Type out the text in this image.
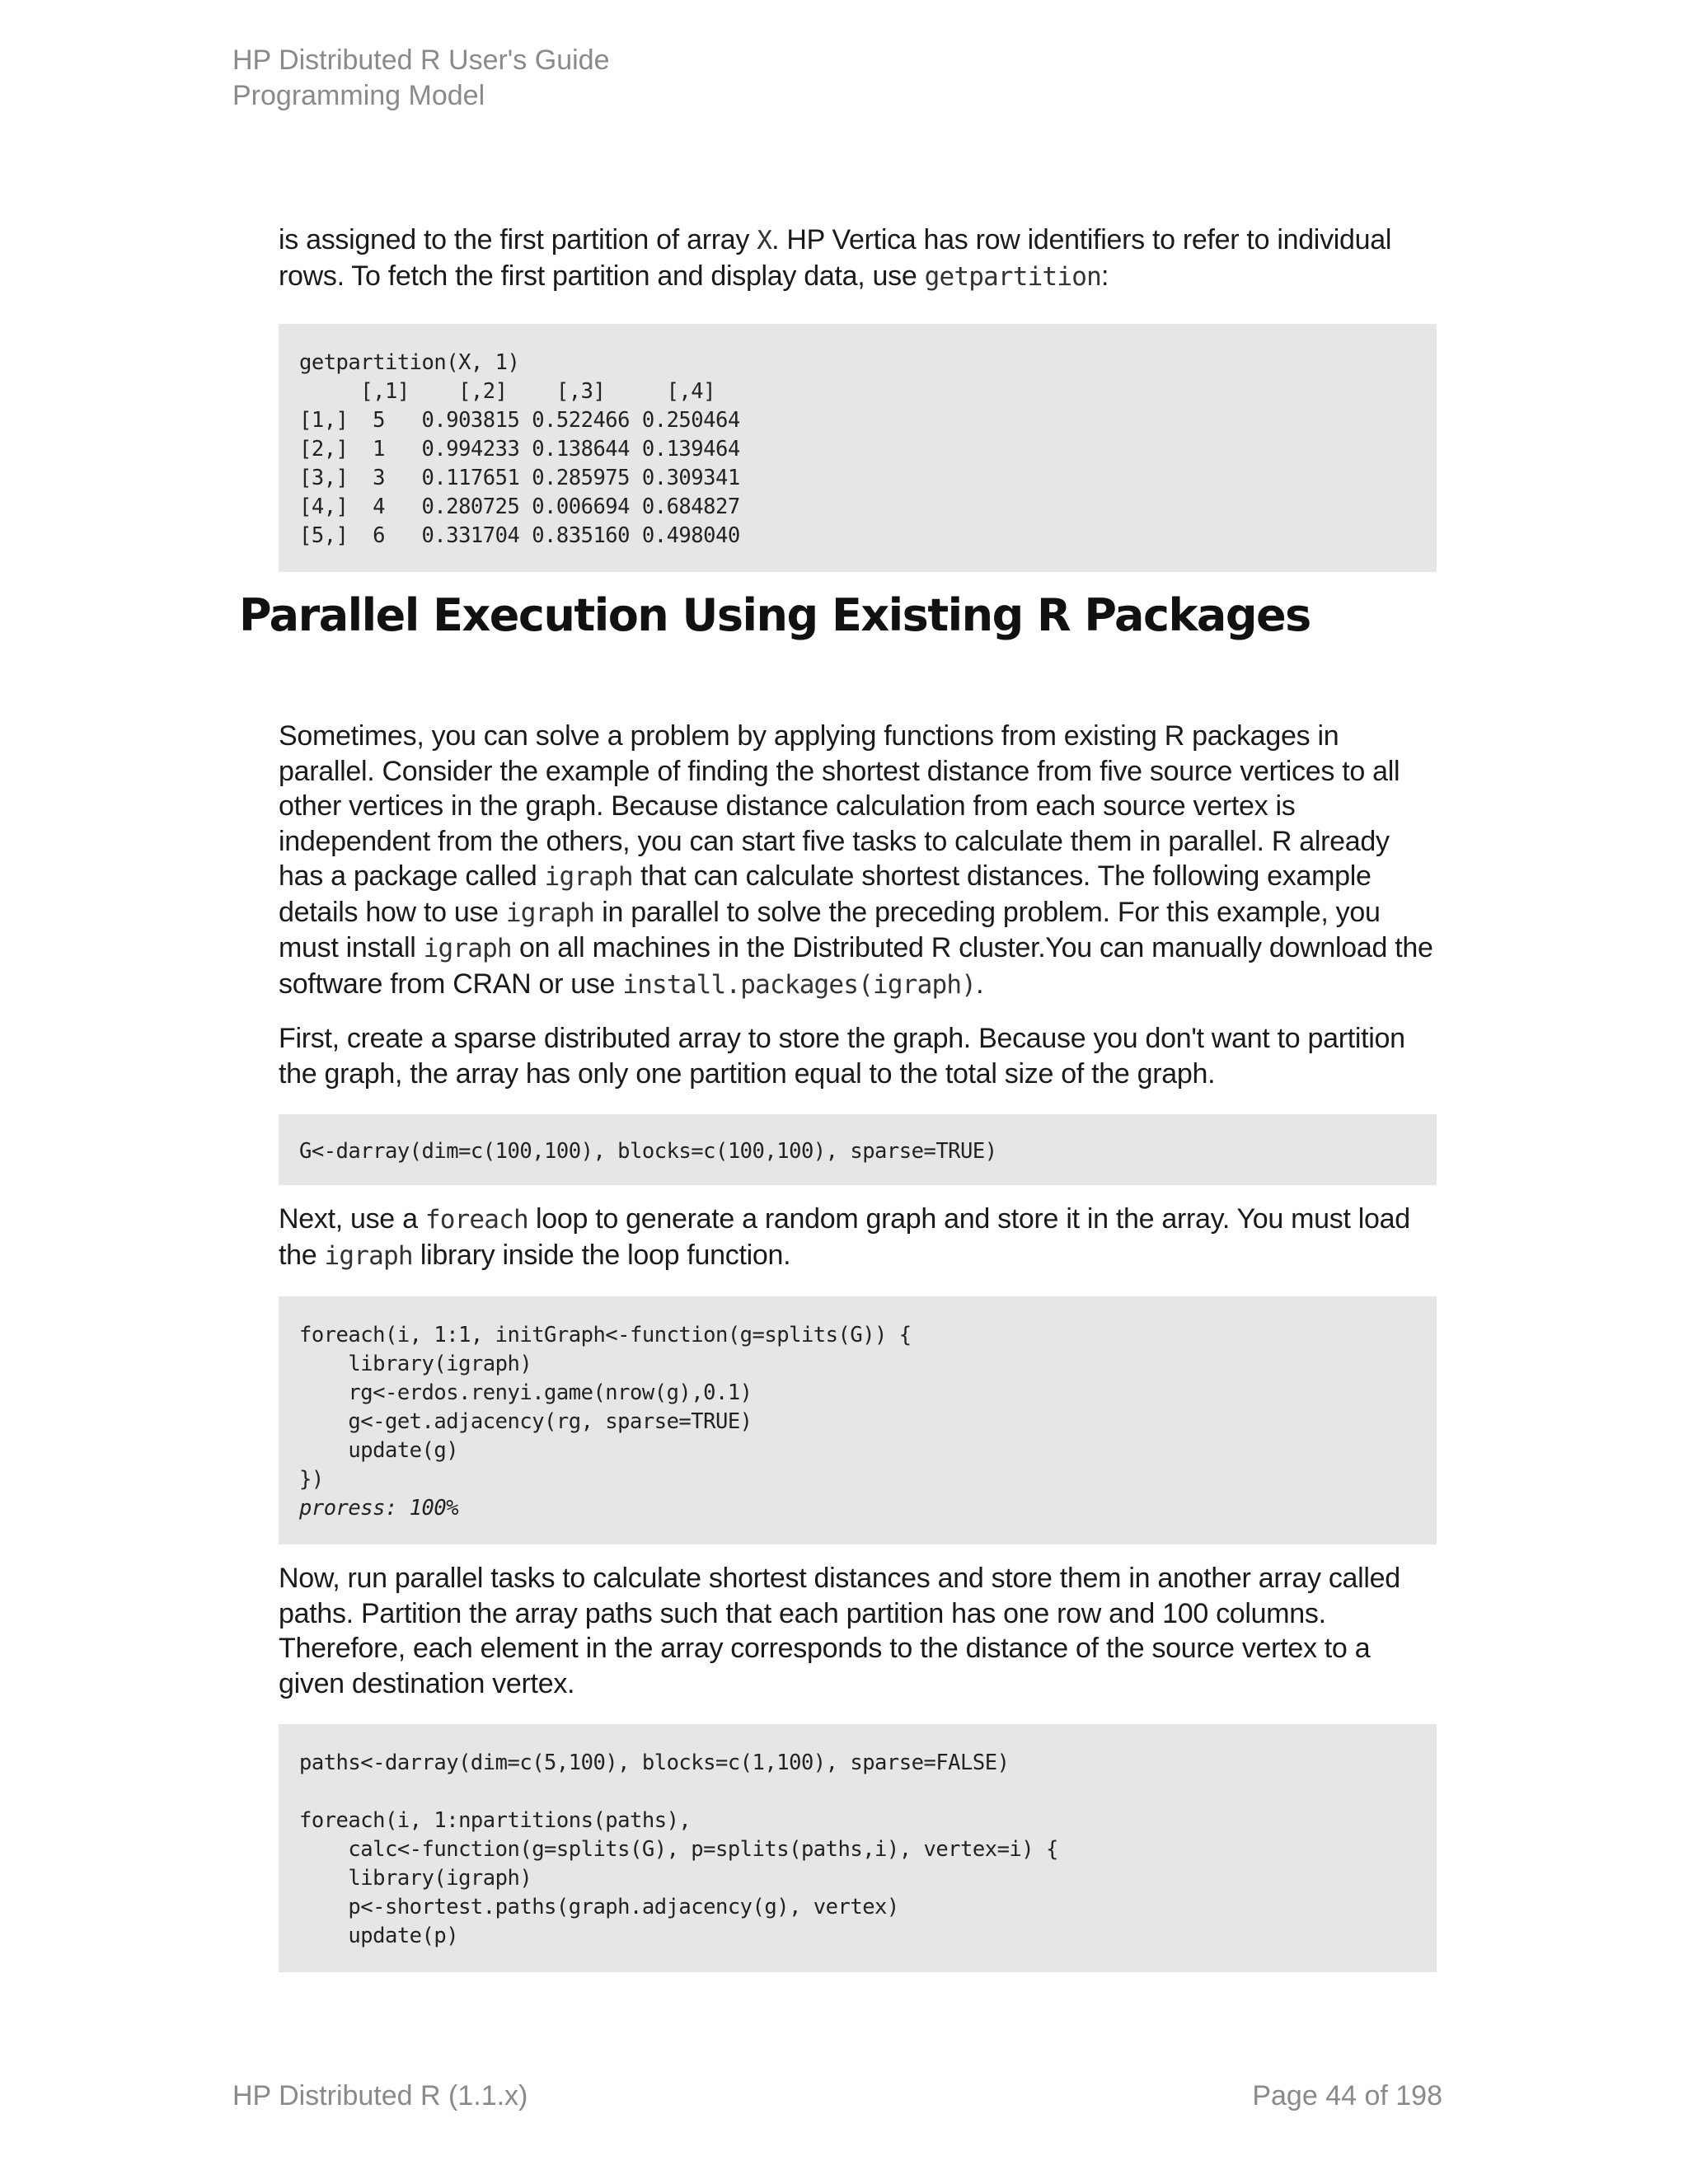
HP Distributed R User's Guide
Programming Model

is assigned to the first partition of array X. HP Vertica has row identifiers to refer to individual rows. To fetch the first partition and display data, use getpartition:

getpartition(X, 1)
[,1]    [,2]    [,3]     [,4]
[1,]  5   0.903815 0.522466 0.250464
[2,]  1   0.994233 0.138644 0.139464
[3,]  3   0.117651 0.285975 0.309341
[4,]  4   0.280725 0.006694 0.684827
[5,]  6   0.331704 0.835160 0.498040

Sometimes, you can solve a problem by applying functions from existing R packages in parallel. Consider the example of finding the shortest distance from five source vertices to all other vertices in the graph. Because distance calculation from each source vertex is independent from the others, you can start five tasks to calculate them in parallel. R already has a package called igraph that can calculate shortest distances. The following example details how to use igraph in parallel to solve the preceding problem. For this example, you must install igraph on all machines in the Distributed R cluster.You can manually download the software from CRAN or use install.packages(igraph).

First, create a sparse distributed array to store the graph. Because you don't want to partition the graph, the array has only one partition equal to the total size of the graph.

G<-darray(dim=c(100,100), blocks=c(100,100), sparse=TRUE)

Next, use a foreach loop to generate a random graph and store it in the array. You must load the igraph library inside the loop function.

foreach(i, 1:1, initGraph<-function(g=splits(G)) {
library(igraph)
rg<-erdos.renyi.game(nrow(g),0.1)
g<-get.adjacency(rg, sparse=TRUE)
update(g)
})
proress: 100%

Now, run parallel tasks to calculate shortest distances and store them in another array called paths. Partition the array paths such that each partition has one row and 100 columns. Therefore, each element in the array corresponds to the distance of the source vertex to a given destination vertex.

paths<-darray(dim=c(5,100), blocks=c(1,100), sparse=FALSE)

foreach(i, 1:npartitions(paths),
calc<-function(g=splits(G), p=splits(paths,i), vertex=i) {
library(igraph)
p<-shortest.paths(graph.adjacency(g), vertex)
update(p)
Parallel Execution Using Existing R Packages
HP Distributed R (1.1.x)	Page 44 of 198
